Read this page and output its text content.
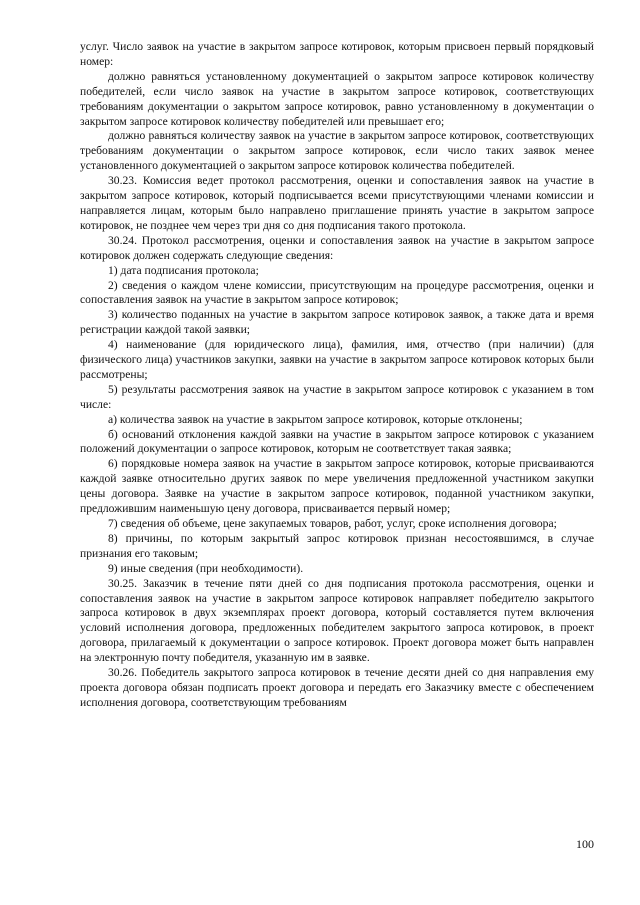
услуг. Число заявок на участие в закрытом запросе котировок, которым присвоен первый порядковый номер:

должно равняться установленному документацией о закрытом запросе котировок количеству победителей, если число заявок на участие в закрытом запросе котировок, соответствующих требованиям документации о закрытом запросе котировок, равно установленному в документации о закрытом запросе котировок количеству победителей или превышает его;

должно равняться количеству заявок на участие в закрытом запросе котировок, соответствующих требованиям документации о закрытом запросе котировок, если число таких заявок менее установленного документацией о закрытом запросе котировок количества победителей.

30.23. Комиссия ведет протокол рассмотрения, оценки и сопоставления заявок на участие в закрытом запросе котировок, который подписывается всеми присутствующими членами комиссии и направляется лицам, которым было направлено приглашение принять участие в закрытом запросе котировок, не позднее чем через три дня со дня подписания такого протокола.

30.24. Протокол рассмотрения, оценки и сопоставления заявок на участие в закрытом запросе котировок должен содержать следующие сведения:

1) дата подписания протокола;

2) сведения о каждом члене комиссии, присутствующим на процедуре рассмотрения, оценки и сопоставления заявок на участие в закрытом запросе котировок;

3) количество поданных на участие в закрытом запросе котировок заявок, а также дата и время регистрации каждой такой заявки;

4) наименование (для юридического лица), фамилия, имя, отчество (при наличии) (для физического лица) участников закупки, заявки на участие в закрытом запросе котировок которых были рассмотрены;

5) результаты рассмотрения заявок на участие в закрытом запросе котировок с указанием в том числе:

а) количества заявок на участие в закрытом запросе котировок, которые отклонены;

б) оснований отклонения каждой заявки на участие в закрытом запросе котировок с указанием положений документации о запросе котировок, которым не соответствует такая заявка;

6) порядковые номера заявок на участие в закрытом запросе котировок, которые присваиваются каждой заявке относительно других заявок по мере увеличения предложенной участником закупки цены договора. Заявке на участие в закрытом запросе котировок, поданной участником закупки, предложившим наименьшую цену договора, присваивается первый номер;

7) сведения об объеме, цене закупаемых товаров, работ, услуг, сроке исполнения договора;

8) причины, по которым закрытый запрос котировок признан несостоявшимся, в случае признания его таковым;

9) иные сведения (при необходимости).

30.25. Заказчик в течение пяти дней со дня подписания протокола рассмотрения, оценки и сопоставления заявок на участие в закрытом запросе котировок направляет победителю закрытого запроса котировок в двух экземплярах проект договора, который составляется путем включения условий исполнения договора, предложенных победителем закрытого запроса котировок, в проект договора, прилагаемый к документации о запросе котировок. Проект договора может быть направлен на электронную почту победителя, указанную им в заявке.

30.26. Победитель закрытого запроса котировок в течение десяти дней со дня направления ему проекта договора обязан подписать проект договора и передать его Заказчику вместе с обеспечением исполнения договора, соответствующим требованиям

100
